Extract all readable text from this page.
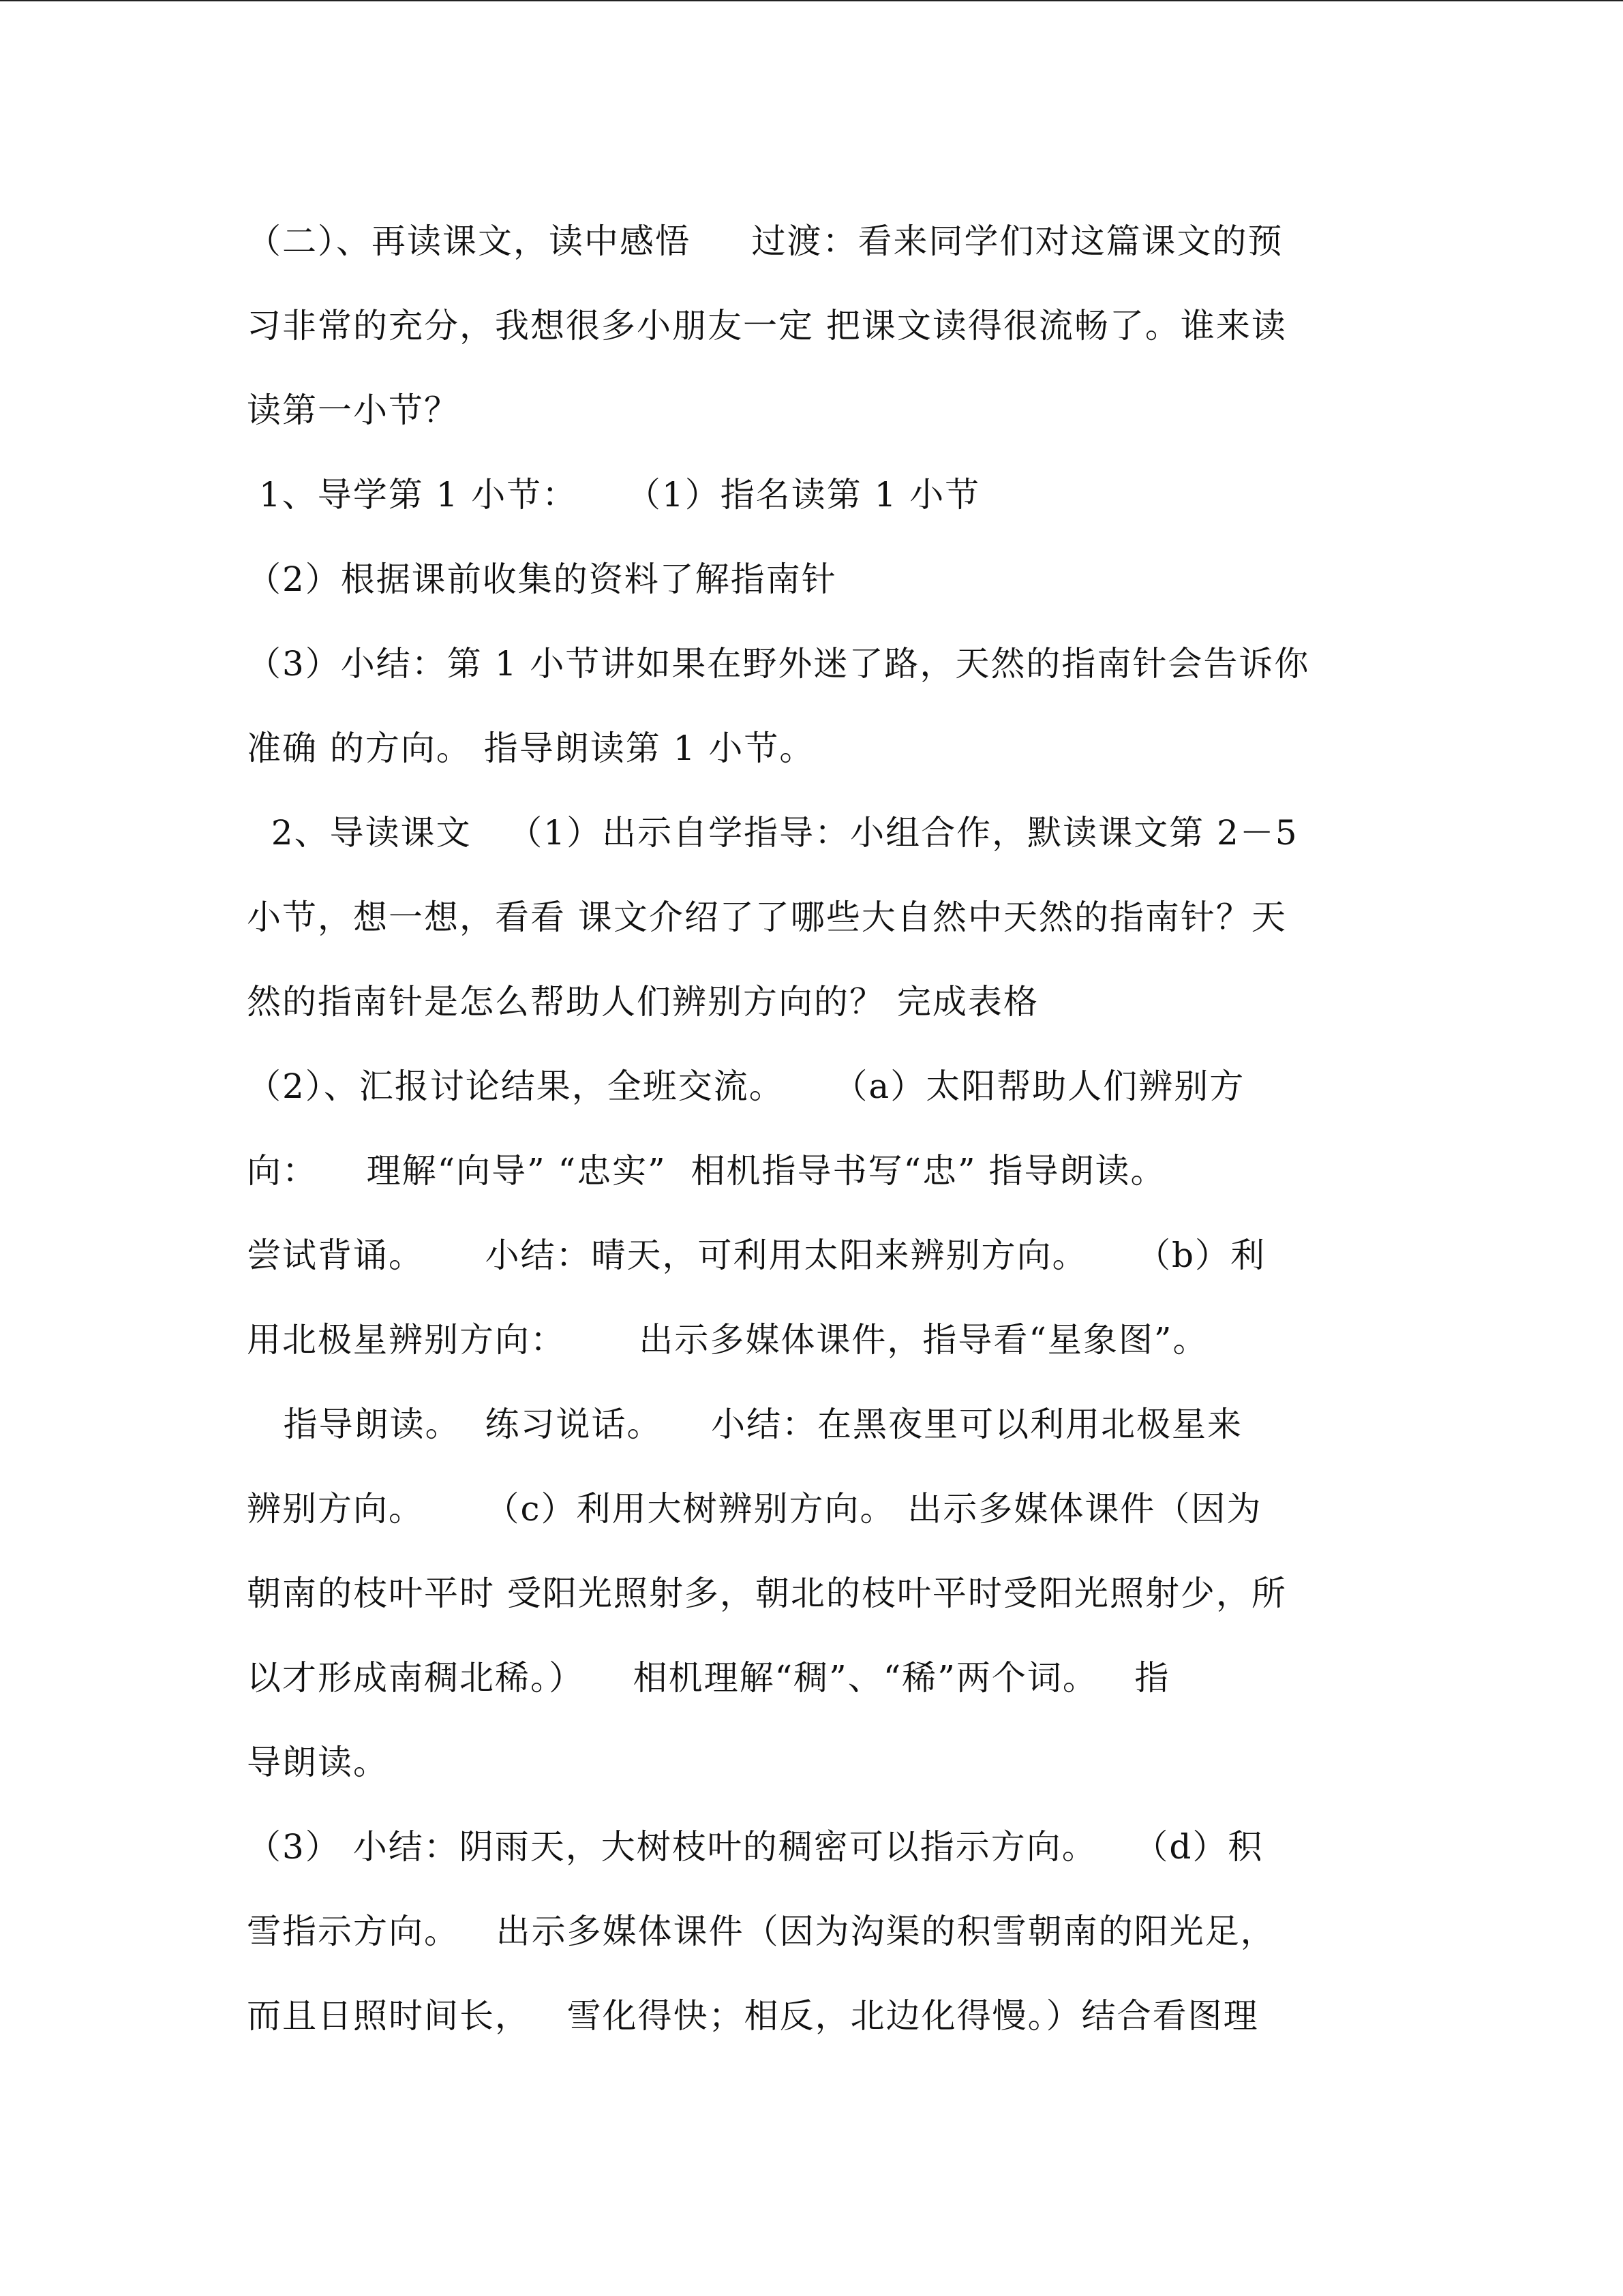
（二）、再读课文，读中感悟     过渡：看来同学们对这篇课文的预
习非常的充分，我想很多小朋友一定 把课文读得很流畅了。谁来读
读第一小节？
1、导学第 1 小节：    （1）指名读第 1 小节
（2）根据课前收集的资料了解指南针
（3）小结：第 1 小节讲如果在野外迷了路，天然的指南针会告诉你
准确 的方向。 指导朗读第 1 小节。
2、导读课文   （1）出示自学指导：小组合作，默读课文第 2－5
小节，想一想，看看 课文介绍了了哪些大自然中天然的指南针？天
然的指南针是怎么帮助人们辨别方向的？ 完成表格
（2）、汇报讨论结果，全班交流。    （a）太阳帮助人们辨别方
向：    理解“向导” “忠实”  相机指导书写“忠” 指导朗读。
尝试背诵。     小结：晴天，可利用太阳来辨别方向。    （b）利
用北极星辨别方向：      出示多媒体课件，指导看“星象图”。
指导朗读。  练习说话。    小结：在黑夜里可以利用北极星来
辨别方向。     （c）利用大树辨别方向。 出示多媒体课件（因为
朝南的枝叶平时 受阳光照射多，朝北的枝叶平时受阳光照射少，所
以才形成南稠北稀。）    相机理解“稠”、“稀”两个词。   指
导朗读。
（3） 小结：阴雨天，大树枝叶的稠密可以指示方向。   （d）积
雪指示方向。   出示多媒体课件（因为沟渠的积雪朝南的阳光足，
而且日照时间长，   雪化得快；相反，北边化得慢。）结合看图理
